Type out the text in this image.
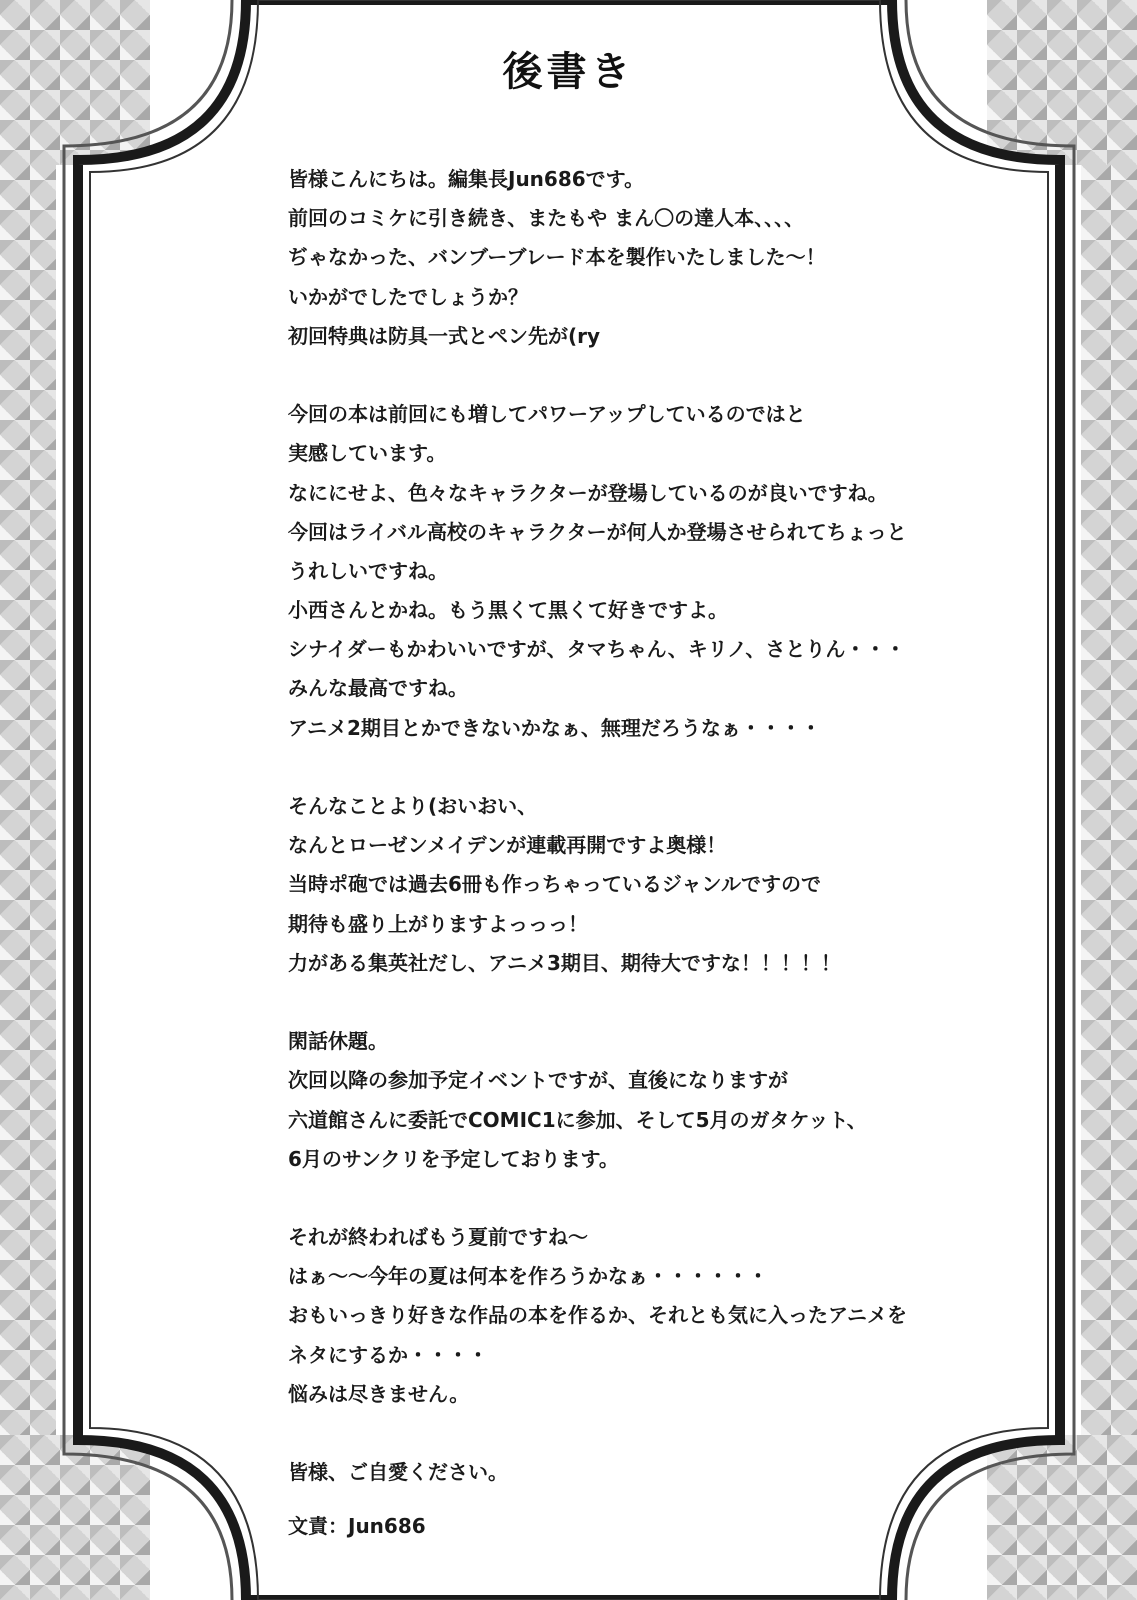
後書き
皆様こんにちは。編集長Jun686です。
前回のコミケに引き続き、またもや まん〇の達人本、、、、
ぢゃなかった、バンブーブレード本を製作いたしました～！
いかがでしたでしょうか？
初回特典は防具一式とペン先が(ry
今回の本は前回にも増してパワーアップしているのではと
実感しています。
なににせよ、色々なキャラクターが登場しているのが良いですね。
今回はライバル高校のキャラクターが何人か登場させられてちょっと
うれしいですね。
小西さんとかね。もう黒くて黒くて好きですよ。
シナイダーもかわいいですが、タマちゃん、キリノ、さとりん・・・
みんな最高ですね。
アニメ2期目とかできないかなぁ、無理だろうなぁ・・・・
そんなことより(おいおい、
なんとローゼンメイデンが連載再開ですよ奥様！
当時ポ砲では過去6冊も作っちゃっているジャンルですので
期待も盛り上がりますよっっっ！
力がある集英社だし、アニメ3期目、期待大ですな！！！！！
閑話休題。
次回以降の参加予定イベントですが、直後になりますが
六道館さんに委託でCOMIC1に参加、そして5月のガタケット、
6月のサンクリを予定しております。
それが終わればもう夏前ですね～
はぁ～～今年の夏は何本を作ろうかなぁ・・・・・・
おもいっきり好きな作品の本を作るか、それとも気に入ったアニメを
ネタにするか・・・・
悩みは尽きません。
皆様、ご自愛ください。
文責：Jun686
